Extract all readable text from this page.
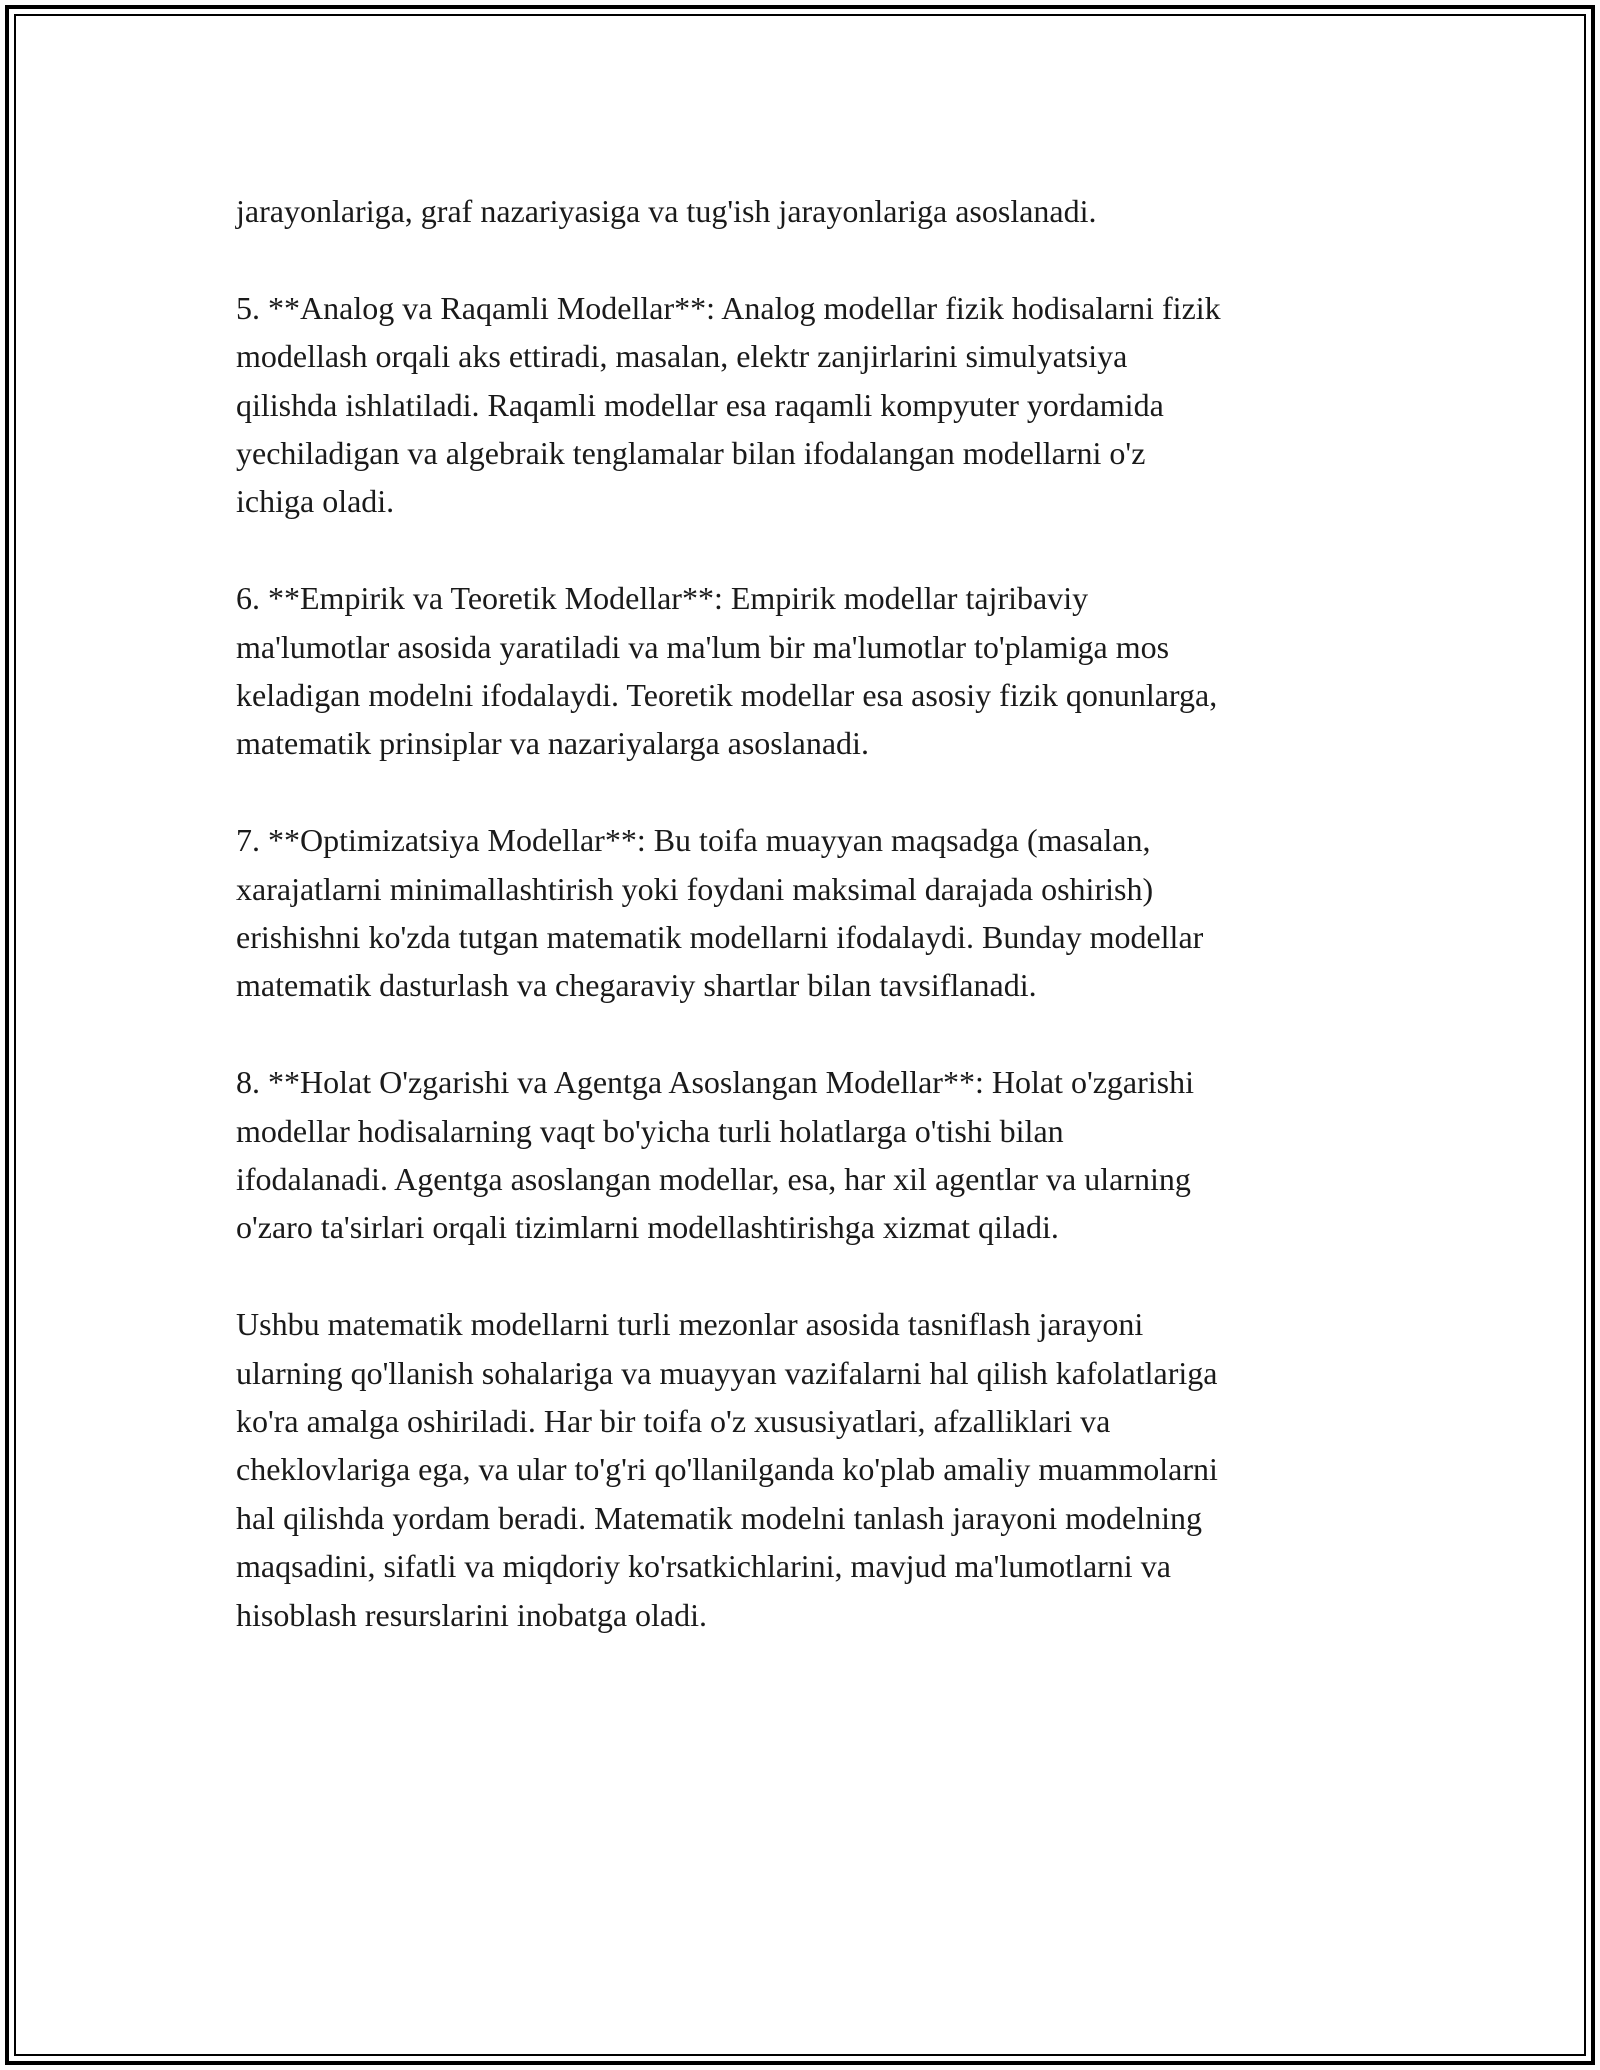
jarayonlariga, graf nazariyasiga va tug'ish jarayonlariga asoslanadi.

5. **Analog va Raqamli Modellar**: Analog modellar fizik hodisalarni fizik
modellash orqali aks ettiradi, masalan, elektr zanjirlarini simulyatsiya
qilishda ishlatiladi. Raqamli modellar esa raqamli kompyuter yordamida
yechiladigan va algebraik tenglamalar bilan ifodalangan modellarni o'z
ichiga oladi.

6. **Empirik va Teoretik Modellar**: Empirik modellar tajribaviy
ma'lumotlar asosida yaratiladi va ma'lum bir ma'lumotlar to'plamiga mos
keladigan modelni ifodalaydi. Teoretik modellar esa asosiy fizik qonunlarga,
matematik prinsiplar va nazariyalarga asoslanadi.

7. **Optimizatsiya Modellar**: Bu toifa muayyan maqsadga (masalan,
xarajatlarni minimallashtirish yoki foydani maksimal darajada oshirish)
erishishni ko'zda tutgan matematik modellarni ifodalaydi. Bunday modellar
matematik dasturlash va chegaraviy shartlar bilan tavsiflanadi.

8. **Holat O'zgarishi va Agentga Asoslangan Modellar**: Holat o'zgarishi
modellar hodisalarning vaqt bo'yicha turli holatlarga o'tishi bilan
ifodalanadi. Agentga asoslangan modellar, esa, har xil agentlar va ularning
o'zaro ta'sirlari orqali tizimlarni modellashtirishga xizmat qiladi.

Ushbu matematik modellarni turli mezonlar asosida tasniflash jarayoni
ularning qo'llanish sohalariga va muayyan vazifalarni hal qilish kafolatlariga
ko'ra amalga oshiriladi. Har bir toifa o'z xususiyatlari, afzalliklari va
cheklovlariga ega, va ular to'g'ri qo'llanilganda ko'plab amaliy muammolarni
hal qilishda yordam beradi. Matematik modelni tanlash jarayoni modelning
maqsadini, sifatli va miqdoriy ko'rsatkichlarini, mavjud ma'lumotlarni va
hisoblash resurslarini inobatga oladi.
